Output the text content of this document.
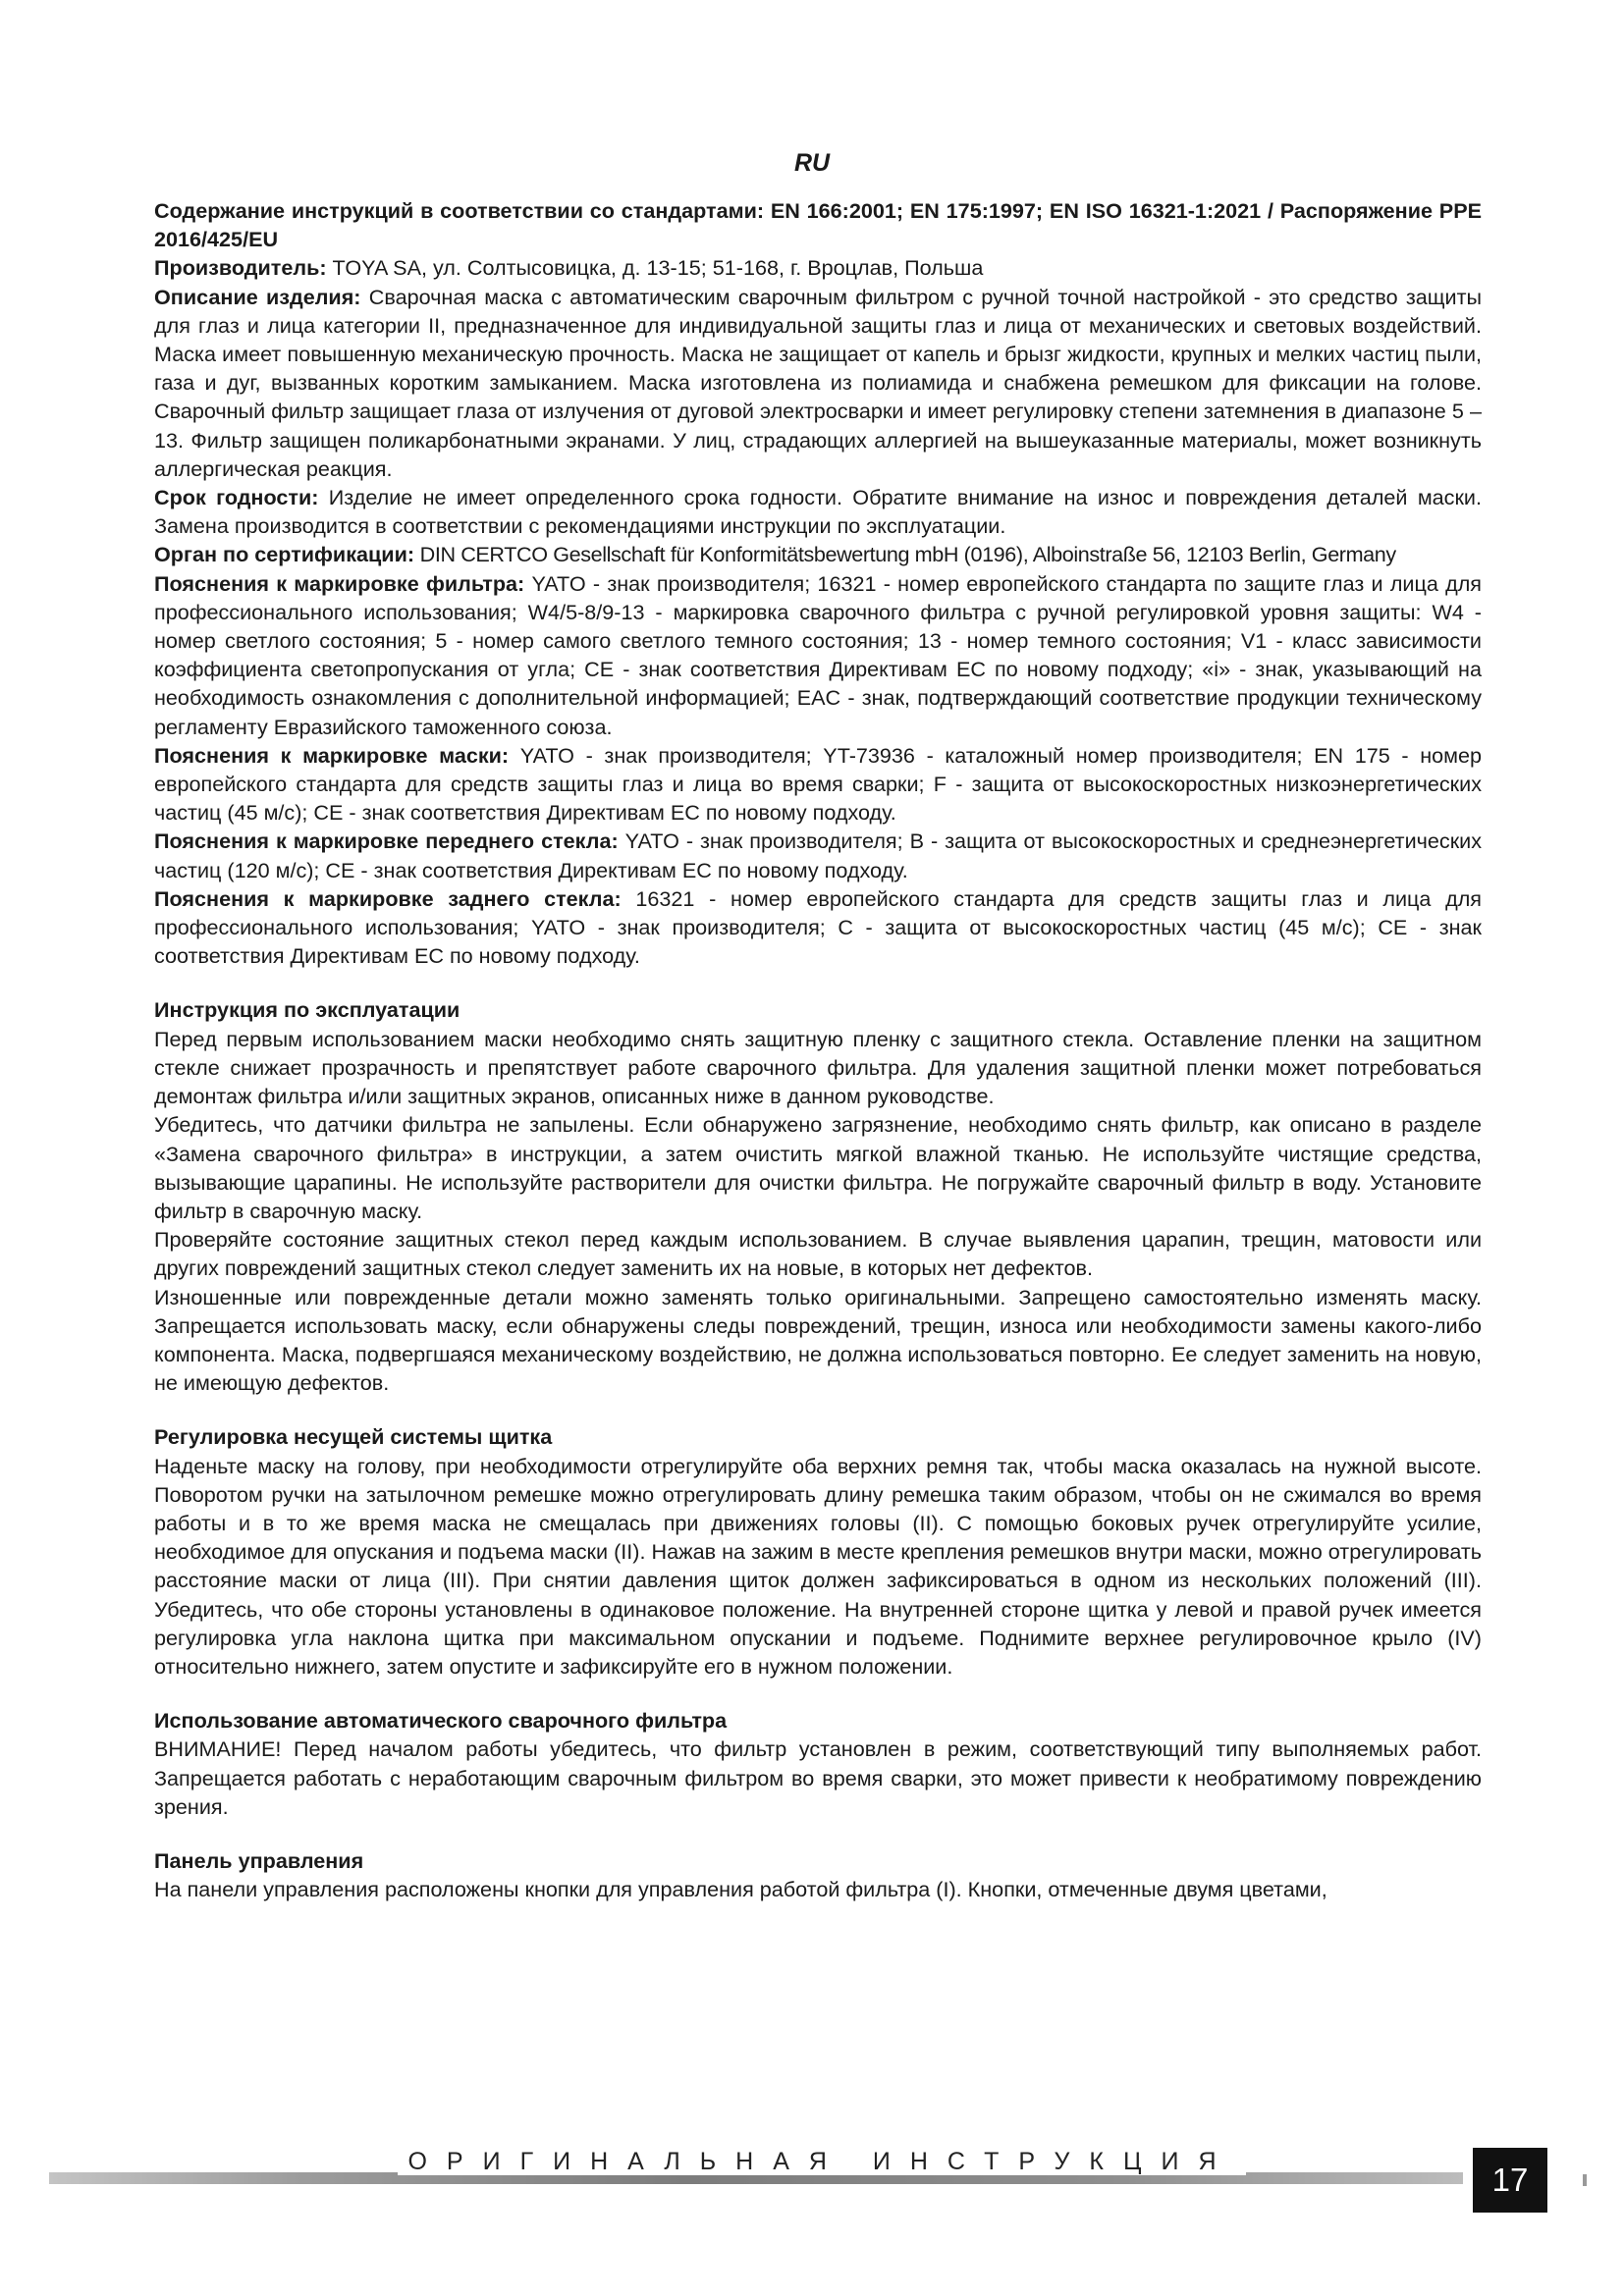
RU

Содержание инструкций в соответствии со стандартами: EN 166:2001; EN 175:1997; EN ISO 16321-1:2021 / Распоряжение PPE 2016/425/EU

Производитель: TOYA SA, ул. Солтысовицка, д. 13-15; 51-168, г. Вроцлав, Польша

Описание изделия: Сварочная маска с автоматическим сварочным фильтром с ручной точной настройкой - это средство защиты для глаз и лица категории II, предназначенное для индивидуальной защиты глаз и лица от механических и световых воздействий. Маска имеет повышенную механическую прочность. Маска не защищает от капель и брызг жидкости, крупных и мелких частиц пыли, газа и дуг, вызванных коротким замыканием. Маска изготовлена из полиамида и снабжена ремешком для фиксации на голове. Сварочный фильтр защищает глаза от излучения от дуговой электросварки и имеет регулировку степени затемнения в диапазоне 5 – 13. Фильтр защищен поликарбонатными экранами. У лиц, страдающих аллергией на вышеуказанные материалы, может возникнуть аллергическая реакция.

Срок годности: Изделие не имеет определенного срока годности. Обратите внимание на износ и повреждения деталей маски. Замена производится в соответствии с рекомендациями инструкции по эксплуатации.

Орган по сертификации: DIN CERTCO Gesellschaft für Konformitätsbewertung mbH (0196), Alboinstraße 56, 12103 Berlin, Germany

Пояснения к маркировке фильтра: YATO - знак производителя; 16321 - номер европейского стандарта по защите глаз и лица для профессионального использования; W4/5-8/9-13 - маркировка сварочного фильтра с ручной регулировкой уровня защиты: W4 - номер светлого состояния; 5 - номер самого светлого темного состояния; 13 - номер темного состояния; V1 - класс зависимости коэффициента светопропускания от угла; CE - знак соответствия Директивам ЕС по новому подходу; «i» - знак, указывающий на необходимость ознакомления с дополнительной информацией; EAC - знак, подтверждающий соответствие продукции техническому регламенту Евразийского таможенного союза.

Пояснения к маркировке маски: YATO - знак производителя; YT-73936 - каталожный номер производителя; EN 175 - номер европейского стандарта для средств защиты глаз и лица во время сварки; F - защита от высокоскоростных низкоэнергетических частиц (45 м/с); CE - знак соответствия Директивам ЕС по новому подходу.

Пояснения к маркировке переднего стекла: YATO - знак производителя; B - защита от высокоскоростных и среднеэнергетических частиц (120 м/с); CE - знак соответствия Директивам ЕС по новому подходу.

Пояснения к маркировке заднего стекла: 16321 - номер европейского стандарта для средств защиты глаз и лица для профессионального использования; YATO - знак производителя; C - защита от высокоскоростных частиц (45 м/с); CE - знак соответствия Директивам ЕС по новому подходу.

Инструкция по эксплуатации

Перед первым использованием маски необходимо снять защитную пленку с защитного стекла. Оставление пленки на защитном стекле снижает прозрачность и препятствует работе сварочного фильтра. Для удаления защитной пленки может потребоваться демонтаж фильтра и/или защитных экранов, описанных ниже в данном руководстве.

Убедитесь, что датчики фильтра не запылены. Если обнаружено загрязнение, необходимо снять фильтр, как описано в разделе «Замена сварочного фильтра» в инструкции, а затем очистить мягкой влажной тканью. Не используйте чистящие средства, вызывающие царапины. Не используйте растворители для очистки фильтра. Не погружайте сварочный фильтр в воду. Установите фильтр в сварочную маску.

Проверяйте состояние защитных стекол перед каждым использованием. В случае выявления царапин, трещин, матовости или других повреждений защитных стекол следует заменить их на новые, в которых нет дефектов.

Изношенные или поврежденные детали можно заменять только оригинальными. Запрещено самостоятельно изменять маску. Запрещается использовать маску, если обнаружены следы повреждений, трещин, износа или необходимости замены какого-либо компонента. Маска, подвергшаяся механическому воздействию, не должна использоваться повторно. Ее следует заменить на новую, не имеющую дефектов.

Регулировка несущей системы щитка

Наденьте маску на голову, при необходимости отрегулируйте оба верхних ремня так, чтобы маска оказалась на нужной высоте. Поворотом ручки на затылочном ремешке можно отрегулировать длину ремешка таким образом, чтобы он не сжимался во время работы и в то же время маска не смещалась при движениях головы (II). С помощью боковых ручек отрегулируйте усилие, необходимое для опускания и подъема маски (II). Нажав на зажим в месте крепления ремешков внутри маски, можно отрегулировать расстояние маски от лица (III). При снятии давления щиток должен зафиксироваться в одном из нескольких положений (III). Убедитесь, что обе стороны установлены в одинаковое положение. На внутренней стороне щитка у левой и правой ручек имеется регулировка угла наклона щитка при максимальном опускании и подъеме. Поднимите верхнее регулировочное крыло (IV) относительно нижнего, затем опустите и зафиксируйте его в нужном положении.

Использование автоматического сварочного фильтра

ВНИМАНИЕ! Перед началом работы убедитесь, что фильтр установлен в режим, соответствующий типу выполняемых работ. Запрещается работать с неработающим сварочным фильтром во время сварки, это может привести к необратимому повреждению зрения.

Панель управления

На панели управления расположены кнопки для управления работой фильтра (I). Кнопки, отмеченные двумя цветами,

ОРИГИНАЛЬНАЯ ИНСТРУКЦИЯ	17
